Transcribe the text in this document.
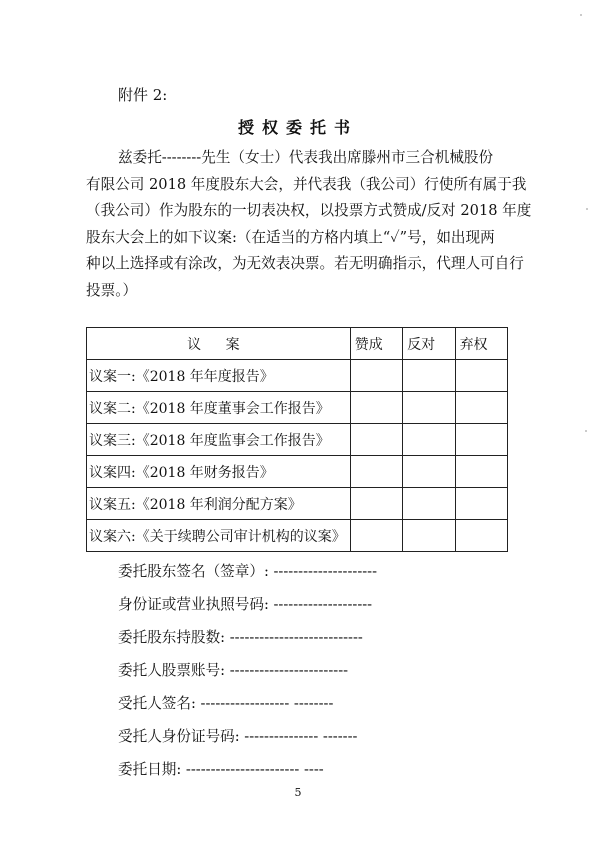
附件 2:
授权委托书
兹委托--------先生（女士）代表我出席滕州市三合机械股份
有限公司 2018 年度股东大会，并代表我（我公司）行使所有属于我
（我公司）作为股东的一切表决权，以投票方式赞成/反对 2018 年度
股东大会上的如下议案:（在适当的方格内填上“✓”号，如出现两
种以上选择或有涂改，为无效表决票。若无明确指示，代理人可自行
投票。）
议 案	赞成	反对	弃权
议案一:《2018 年年度报告》			
议案二:《2018 年度董事会工作报告》			
议案三:《2018 年度监事会工作报告》			
议案四:《2018 年财务报告》			
议案五:《2018 年利润分配方案》			
议案六:《关于续聘公司审计机构的议案》			
委托股东签名（签章）: ---------------------
身份证或营业执照号码: --------------------
委托股东持股数: ---------------------------
委托人股票账号: ------------------------
受托人签名: ------------------ --------
受托人身份证号码: --------------- -------
委托日期: ----------------------- ----
5
